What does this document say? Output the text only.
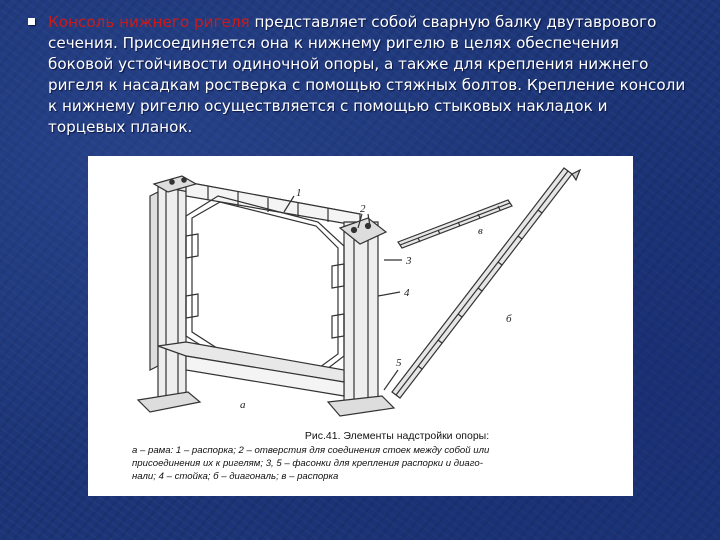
Консоль нижнего ригеля представляет собой сварную балку двутаврового сечения. Присоединяется она к нижнему ригелю в целях обеспечения боковой устойчивости одиночной опоры, а также для крепления нижнего ригеля к насадкам ростверка с помощью стяжных болтов. Крепление консоли к нижнему ригелю осуществляется с помощью стыковых накладок и торцевых планок.
1
2
3
4
5
а
б
в
Рис.41. Элементы надстройки опоры:
а – рама: 1 – распорка; 2 – отверстия для соединения стоек между собой или
присоединения их к ригелям; 3, 5 – фасонки для крепления распорки и диаго-
нали; 4 – стойка; б – диагональ; в – распорка
